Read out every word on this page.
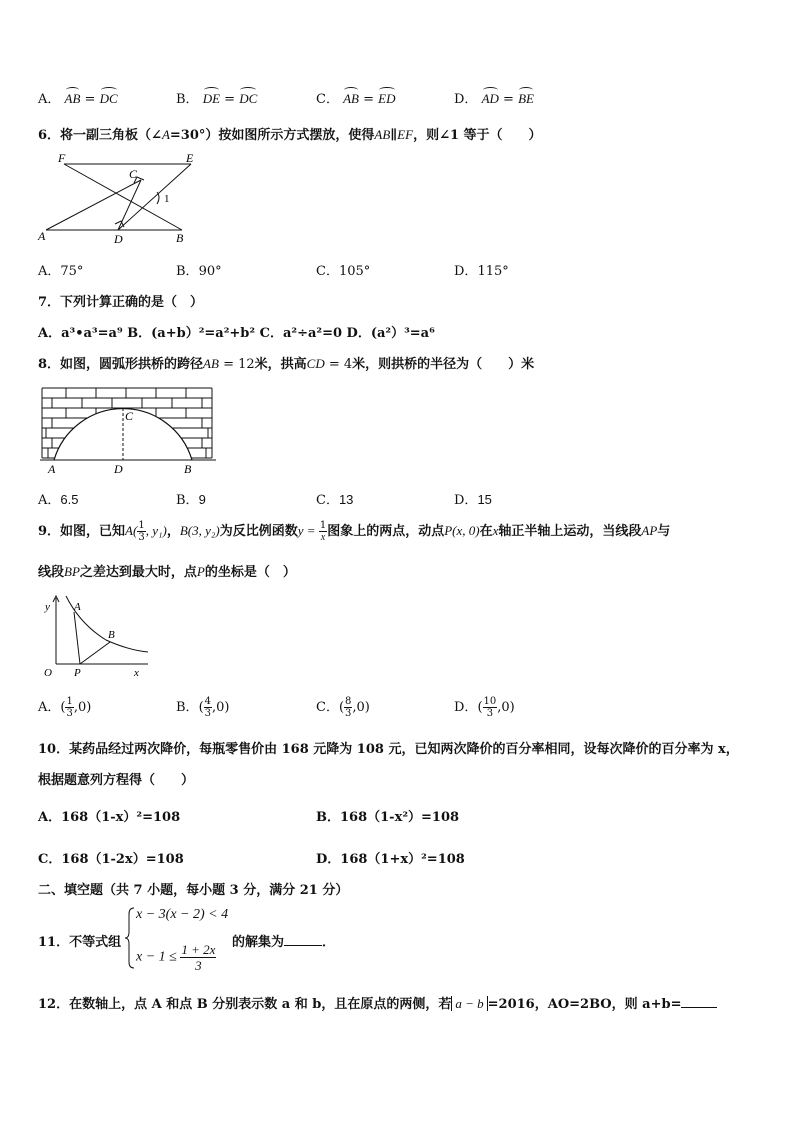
A． AB = DC	B． DE = DC	C． AB = ED	D． AD = BE
6．将一副三角板（∠A=30°）按如图所示方式摆放，使得AB∥EF，则∠1 等于（　　）
F	E
C
1
A	D	B
A．75°	B．90°	C．105°	D．115°
7．下列计算正确的是（　）
A．a³•a³=a⁹ B．(a+b）²=a²+b² C．a²÷a²=0 D．(a²）³=a⁶
8．如图，圆弧形拱桥的跨径AB = 12米，拱高CD = 4米，则拱桥的半径为（　　）米
C
A	D	B
A．6.5	B．9	C．13	D．15
9．如图，已知$A( \frac{1}{3}$ , y₁)，B(3, y₂)为反比例函数$y = \frac{1}{x}$ 图象上的两点，动点P(x, 0)在x轴正半轴上运动，当线段AP与
线段BP之差达到最大时，点P的坐标是（　）
y A
B
O P	x
A．( $\frac{1}{3} ,0$)	B．( $\frac{4}{3} ,0$)	C．( $\frac{8}{3} ,0$)	D．( $\frac{10}{3} ,0$)
10．某药品经过两次降价，每瓶零售价由 168 元降为 108 元，已知两次降价的百分率相同，设每次降价的百分率为 x，
根据题意列方程得（　　）
A．168（1-x）²=108	B．168（1-x²）=108
C．168（1-2x）=108	D．168（1+x）²=108
二、填空题（共 7 小题，每小题 3 分，满分 21 分）
11．不等式组
x − 3(x − 2) < 4
$x - 1 \le \frac{1 + 2x}{3}$ 的解集为	．
12．在数轴上，点 A 和点 B 分别表示数 a 和 b，且在原点的两侧，若 a − b =2016，AO=2BO，则 a+b=
